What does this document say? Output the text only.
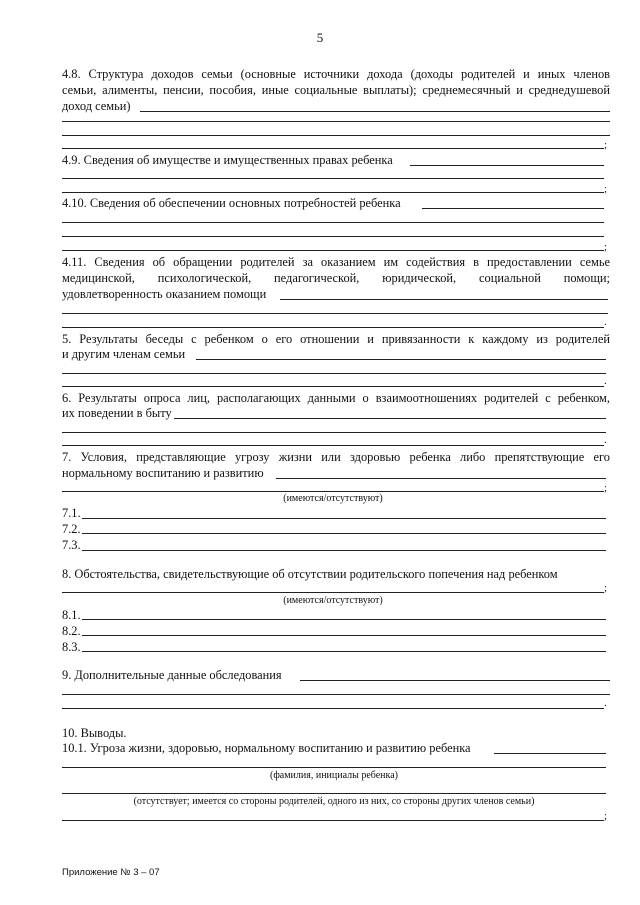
5
4.8. Структура доходов семьи (основные источники дохода (доходы родителей и иных членов
семьи, алименты, пенсии, пособия, иные социальные выплаты); среднемесячный и среднедушевой
доход семьи)
;
4.9. Сведения об имуществе и имущественных правах ребенка
;
4.10. Сведения об обеспечении основных потребностей ребенка
;
4.11. Сведения об обращении родителей за оказанием им содействия в предоставлении семье
медицинской, психологической, педагогической, юридической, социальной помощи;
удовлетворенность оказанием помощи
.
5. Результаты беседы с ребенком о его отношении и привязанности к каждому из родителей
и другим членам семьи
.
6. Результаты опроса лиц, располагающих данными о взаимоотношениях родителей с ребенком,
их поведении в быту
.
7. Условия, представляющие угрозу жизни или здоровью ребенка либо препятствующие его
нормальному воспитанию и развитию
;
(имеются/отсутствуют)
7.1.
7.2.
7.3.
8. Обстоятельства, свидетельствующие об отсутствии родительского попечения над ребенком
;
(имеются/отсутствуют)
8.1.
8.2.
8.3.
9. Дополнительные данные обследования
.
10. Выводы.
10.1. Угроза жизни, здоровью, нормальному воспитанию и развитию ребенка
(фамилия, инициалы ребенка)
(отсутствует; имеется со стороны родителей, одного из них, со стороны других членов семьи)
;
Приложение № 3 – 07
